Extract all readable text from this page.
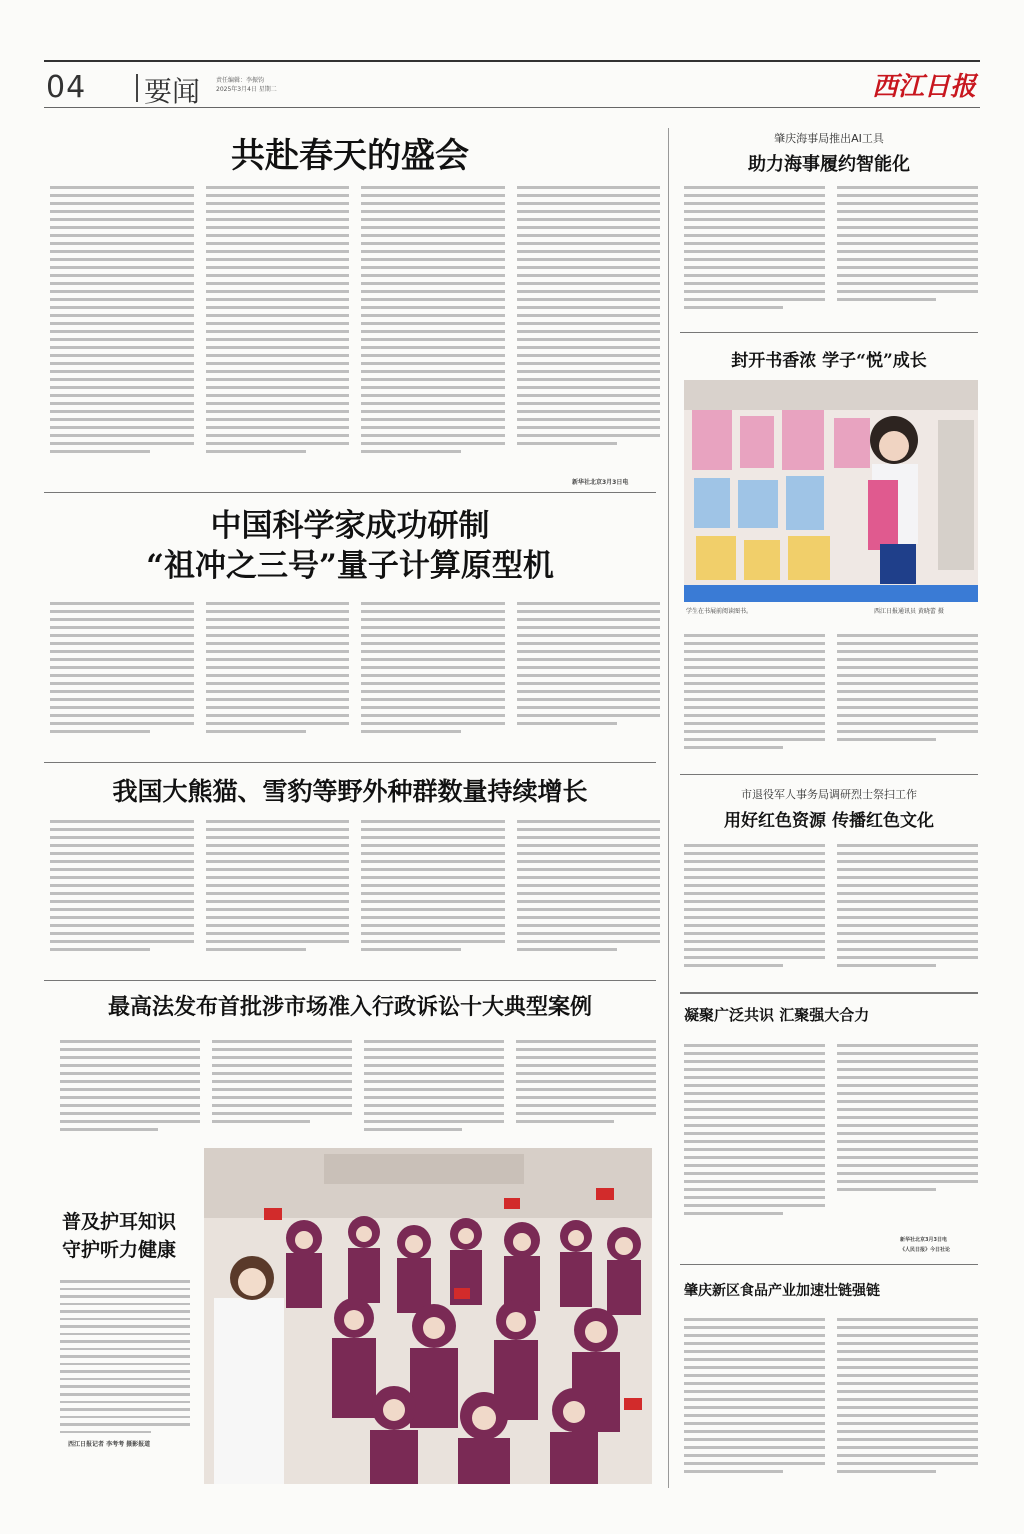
04 要闻	责任编辑：李振钧
2025年3月4日 星期二	西江日报
共赴春天的盛会
新华社北京3月3日电
中国科学家成功研制
“祖冲之三号”量子计算原型机
我国大熊猫、雪豹等野外种群数量持续增长
最高法发布首批涉市场准入行政诉讼十大典型案例
普及护耳知识
守护听力健康
西江日报记者 李考考 摄影报道
肇庆海事局推出AI工具
助力海事履约智能化
封开书香浓 学子“悦”成长
学生在书展前阅读图书。	西江日报通讯员 黄晓蕾 摄
市退役军人事务局调研烈士祭扫工作
用好红色资源 传播红色文化
凝聚广泛共识 汇聚强大合力
新华社北京3月3日电
《人民日报》今日社论
肇庆新区食品产业加速壮链强链
